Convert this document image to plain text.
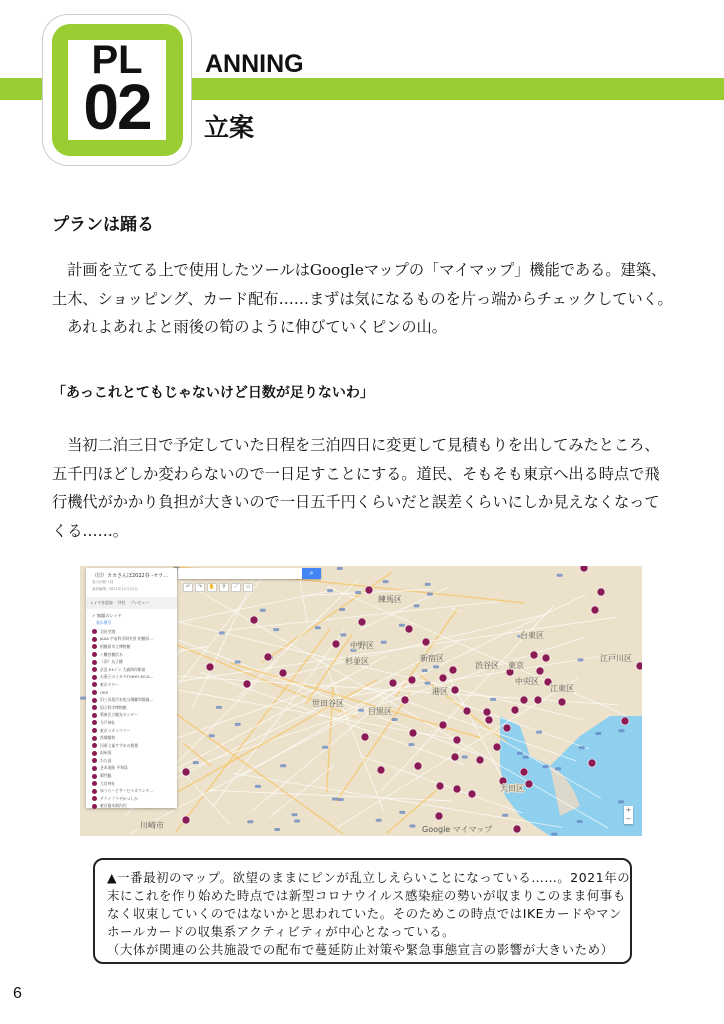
PL
02
ANNING
立案
プランは踊る
　計画を立てる上で使用したツールはGoogleマップの「マイマップ」機能である。建築、
土木、ショッピング、カード配布……まずは気になるものを片っ端からチェックしていく。
　あれよあれよと雨後の筍のように伸びていくピンの山。
「あっこれとてもじゃないけど日数が足りないわ」
　当初二泊三日で予定していた日程を三泊四日に変更して見積もりを出してみたところ、
五千円ほどしか変わらないので一日足すことにする。道民、そもそも東京へ出る時点で飛
行機代がかかり負担が大きいので一日五千円くらいだと誤差くらいにしか見えなくなって
くる……。
練馬区
中野区
杉並区	新宿区
台東区
東京
中央区
渋谷区
港区	江東区
江戸川区
世田谷区
目黒区
大田区
川崎市	Google マイマップ
⌕
↶	↷	✋	⚲	⟋	▭
（旧）カカさんぽ2022春 -オラ…
表示回数 1回
最終編集: 2021年12月22日
レイヤを追加 共有 プレビュー
✓ 無題のレイヤ
表示番号
羽田空港
JAXA 宇宙科学研究所 相模原…
相模原市立博物館
八幡宮横浜水
（旧）丸子橋
京急 EXイン 大森海岸駅前
お菓子のミカタTOKYO KO-K…
東京タワー
OIOI
旧三河島汚水処分場喞筒場施…
国立科学博物館
墨東区立観光センター
今戸神社
東京スカイツリー
茨城稲荷
河原七福すずめの便便
両州国
わた国
芝本道曲 平和島
閻門脇
大宮神社
ゆうらーどサービスカウンタ…
テクノプラザかつしか
東京藤木園内円
+
−
▲一番最初のマップ。欲望のままにピンが乱立しえらいことになっている……。2021年の
末にこれを作り始めた時点では新型コロナウイルス感染症の勢いが収まりこのまま何事も
なく収束していくのではないかと思われていた。そのためこの時点ではIKEカードやマン
ホールカードの収集系アクティビティが中心となっている。
（大体が関連の公共施設での配布で蔓延防止対策や緊急事態宣言の影響が大きいため）
6
